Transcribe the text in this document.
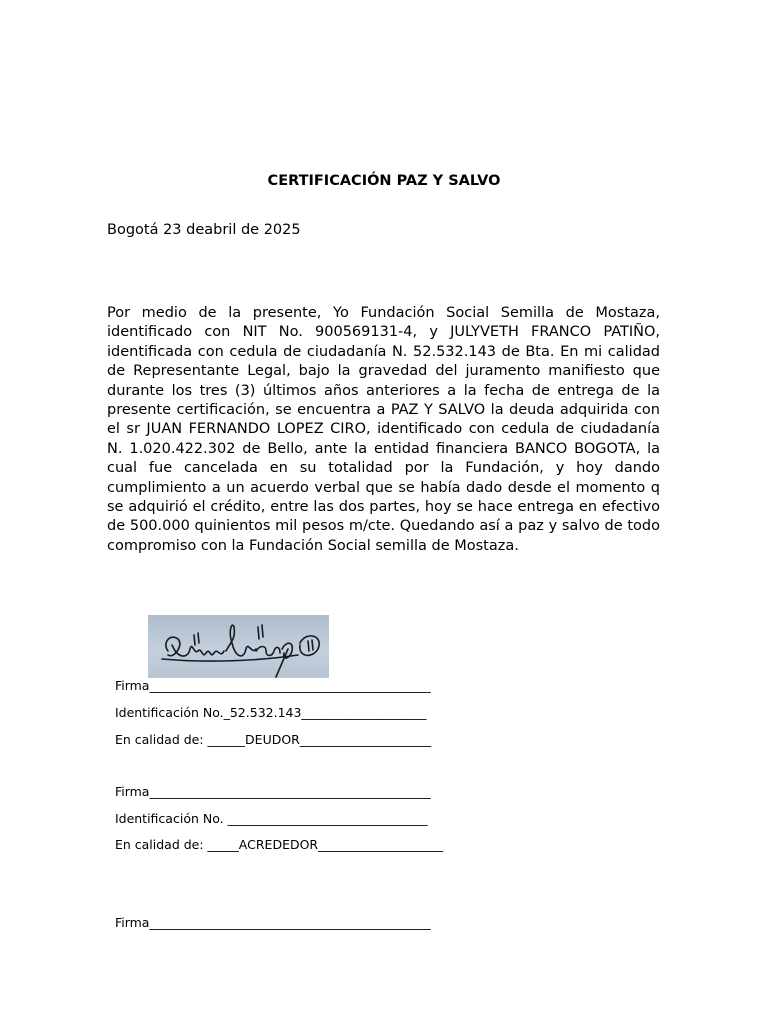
CERTIFICACIÓN PAZ Y SALVO
Bogotá 23 deabril de 2025

Por medio de la presente, Yo Fundación Social Semilla de Mostaza, identificado con NIT No. 900569131-4, y JULYVETH FRANCO PATIÑO, identificada con cedula de ciudadanía N. 52.532.143 de Bta. En mi calidad de Representante Legal, bajo la gravedad del juramento manifiesto que durante los tres (3) últimos años anteriores a la fecha de entrega de la presente certificación, se encuentra a PAZ Y SALVO la deuda adquirida con el sr JUAN FERNANDO LOPEZ CIRO, identificado con cedula de ciudadanía N. 1.020.422.302 de Bello, ante la entidad financiera BANCO BOGOTA, la cual fue cancelada en su totalidad por la Fundación, y hoy dando cumplimiento a un acuerdo verbal que se había dado desde el momento q se adquirió el crédito, entre las dos partes, hoy se hace entrega en efectivo de 500.000 quinientos mil pesos m/cte. Quedando así a paz y salvo de todo compromiso con la Fundación Social semilla de Mostaza.

Firma_____________________________________________

Identificación No._52.532.143____________________

En calidad de: ______DEUDOR_____________________

Firma_____________________________________________

Identificación No. ________________________________

En calidad de: _____ACREDEDOR____________________

Firma_____________________________________________
